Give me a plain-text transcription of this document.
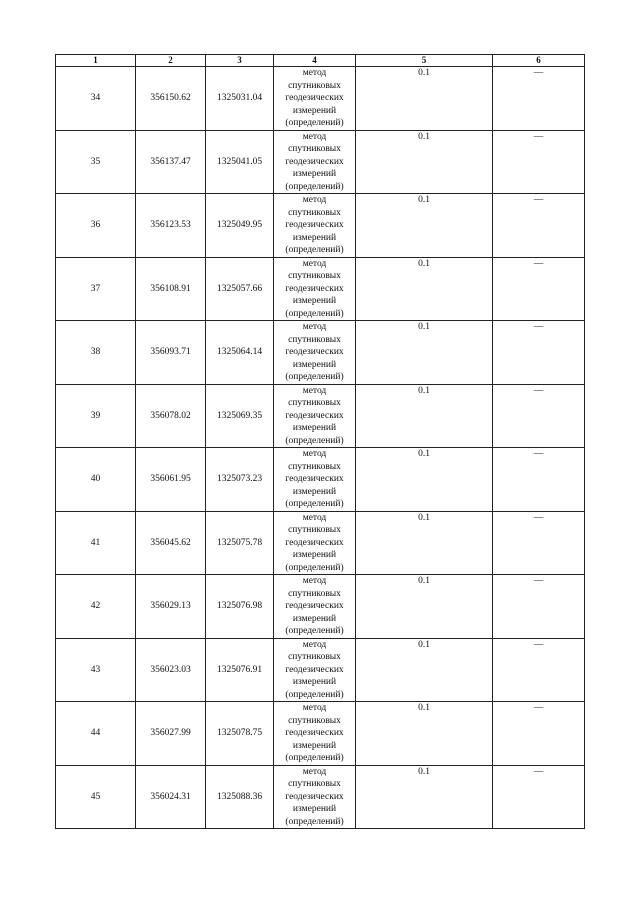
1	2	3	4	5	6
34	356150.62	1325031.04	метод
спутниковых
геодезических
измерений
(определений)	0.1	—
35	356137.47	1325041.05	метод
спутниковых
геодезических
измерений
(определений)	0.1	—
36	356123.53	1325049.95	метод
спутниковых
геодезических
измерений
(определений)	0.1	—
37	356108.91	1325057.66	метод
спутниковых
геодезических
измерений
(определений)	0.1	—
38	356093.71	1325064.14	метод
спутниковых
геодезических
измерений
(определений)	0.1	—
39	356078.02	1325069.35	метод
спутниковых
геодезических
измерений
(определений)	0.1	—
40	356061.95	1325073.23	метод
спутниковых
геодезических
измерений
(определений)	0.1	—
41	356045.62	1325075.78	метод
спутниковых
геодезических
измерений
(определений)	0.1	—
42	356029.13	1325076.98	метод
спутниковых
геодезических
измерений
(определений)	0.1	—
43	356023.03	1325076.91	метод
спутниковых
геодезических
измерений
(определений)	0.1	—
44	356027.99	1325078.75	метод
спутниковых
геодезических
измерений
(определений)	0.1	—
45	356024.31	1325088.36	метод
спутниковых
геодезических
измерений
(определений)	0.1	—
